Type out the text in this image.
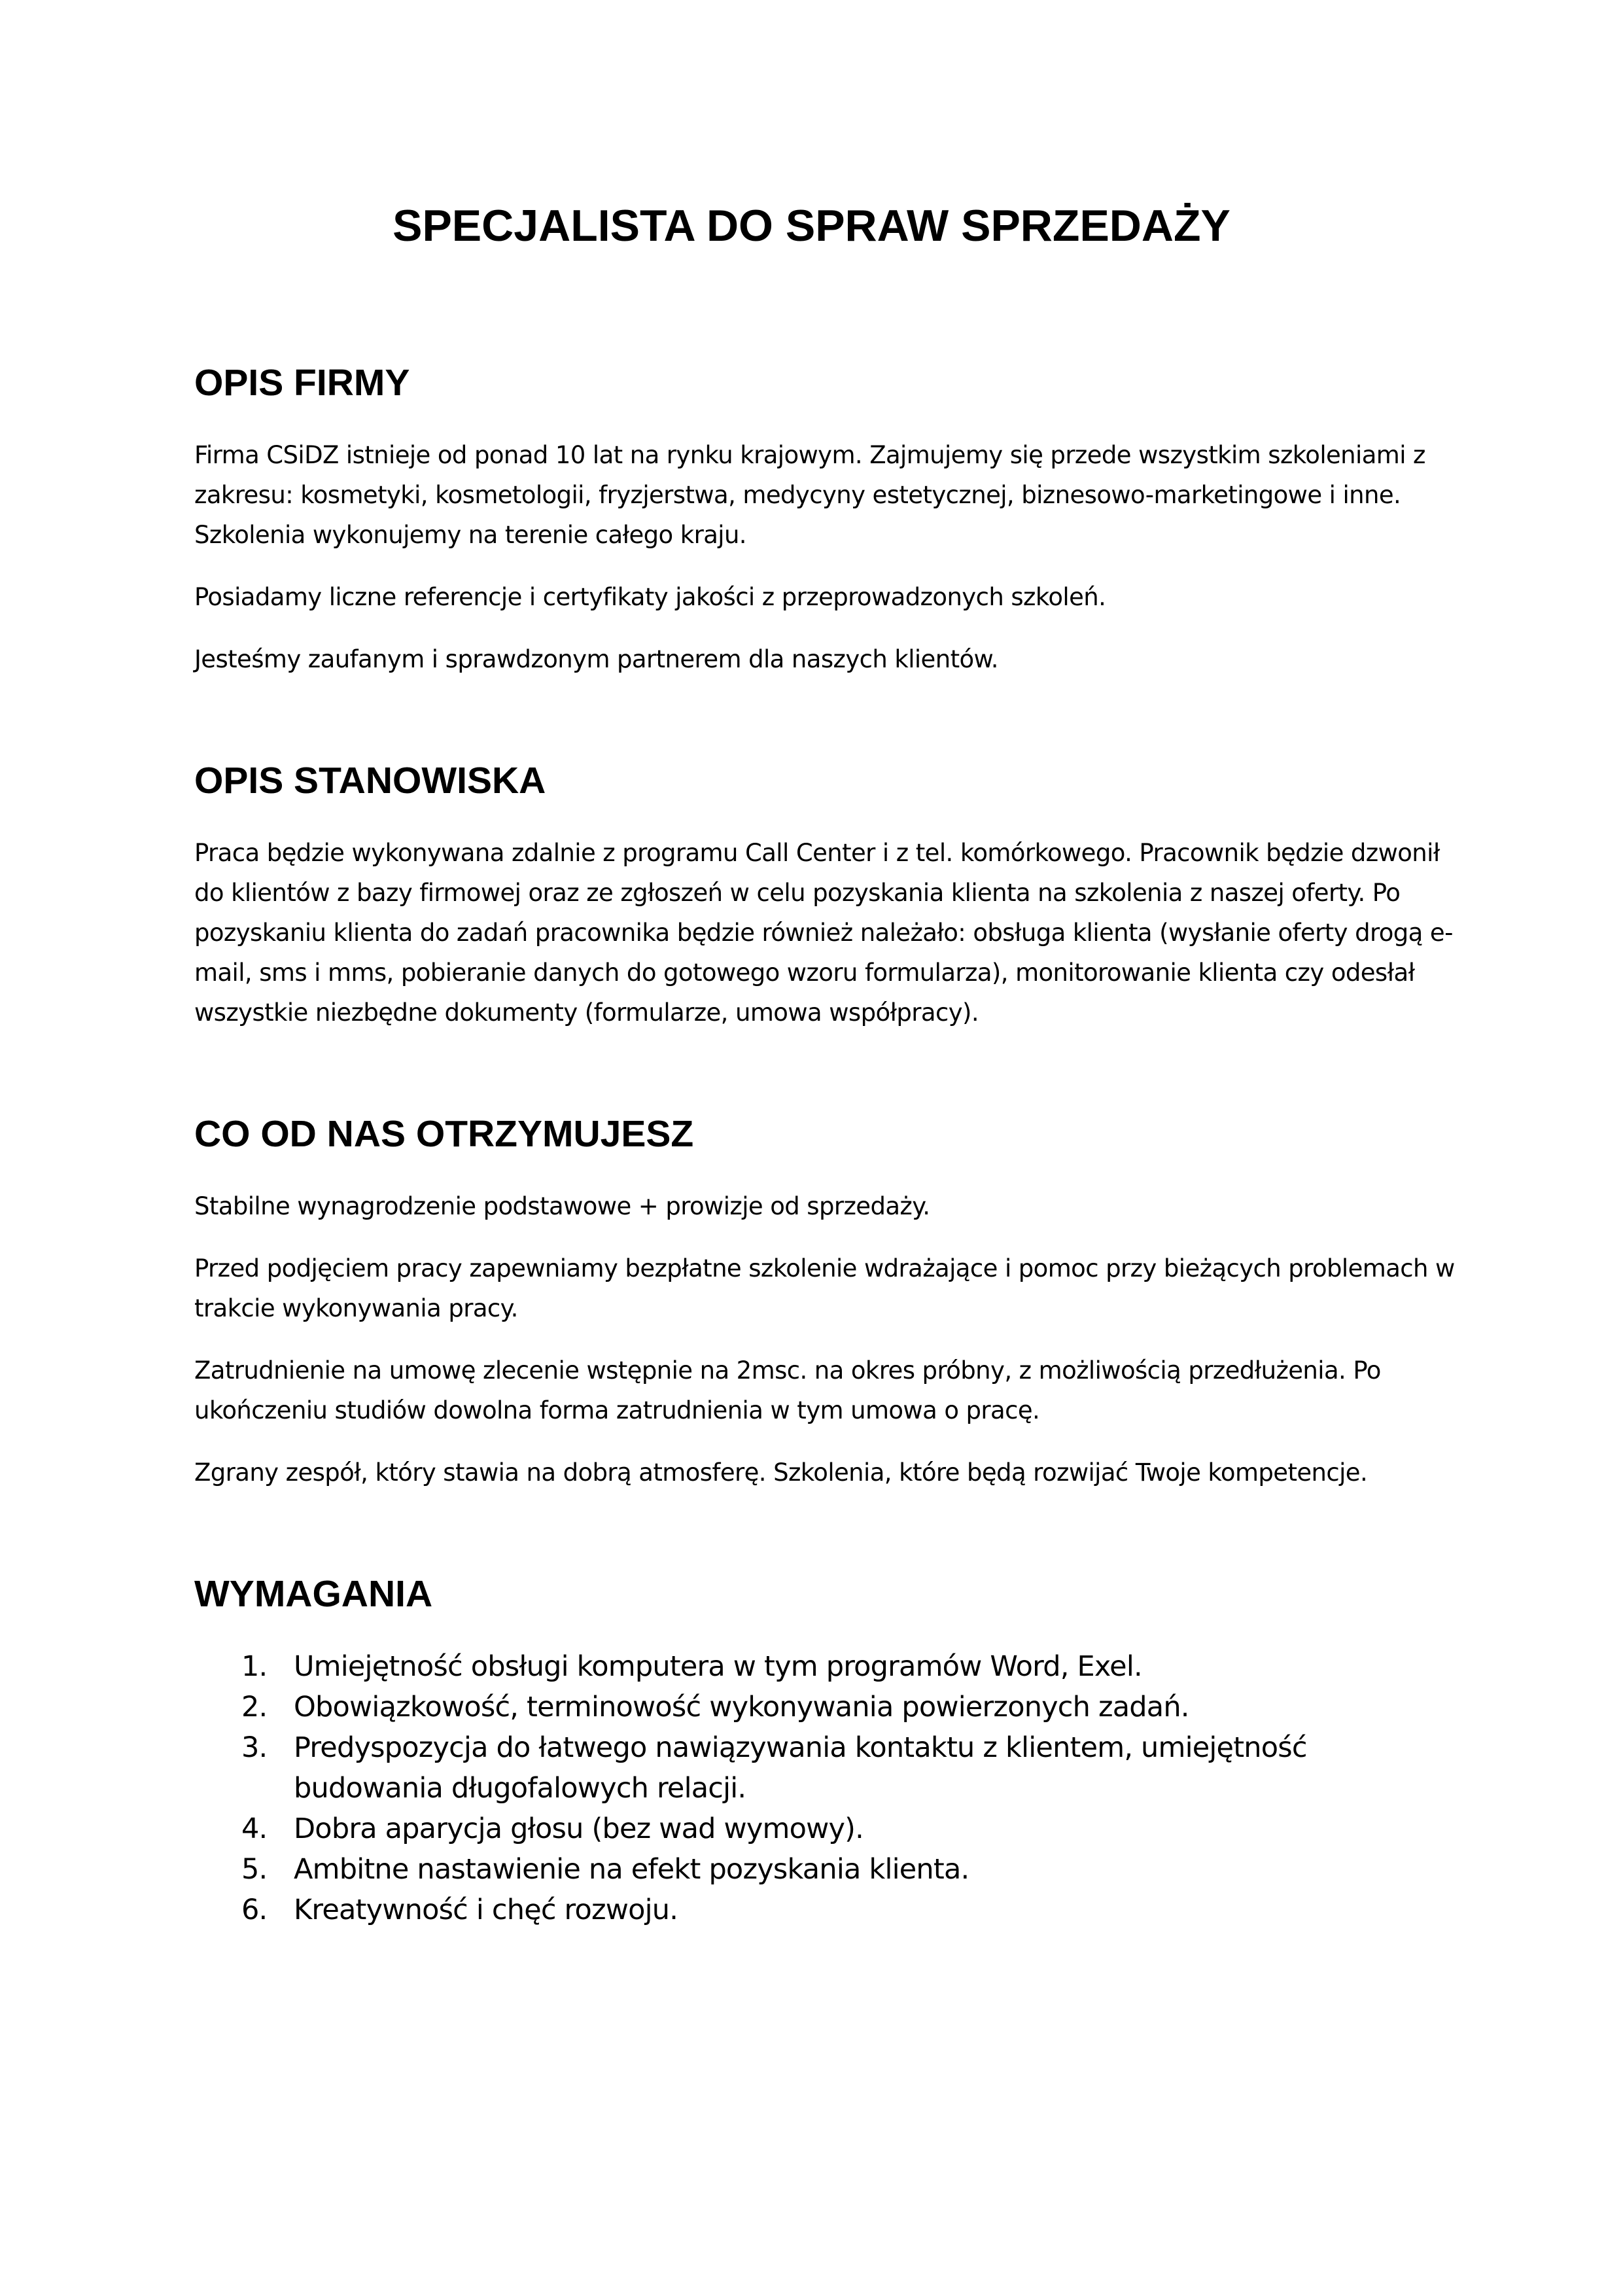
SPECJALISTA DO SPRAW SPRZEDAŻY
OPIS FIRMY

Firma CSiDZ istnieje od ponad 10 lat na rynku krajowym. Zajmujemy się przede wszystkim szkoleniami z zakresu: kosmetyki, kosmetologii, fryzjerstwa, medycyny estetycznej, biznesowo-marketingowe i inne. Szkolenia wykonujemy na terenie całego kraju.

Posiadamy liczne referencje i certyfikaty jakości z przeprowadzonych szkoleń.

Jesteśmy zaufanym i sprawdzonym partnerem dla naszych klientów.

OPIS STANOWISKA

Praca będzie wykonywana zdalnie z programu Call Center i z tel. komórkowego. Pracownik będzie dzwonił do klientów z bazy firmowej oraz ze zgłoszeń w celu pozyskania klienta na szkolenia z naszej oferty. Po pozyskaniu klienta do zadań pracownika będzie również należało: obsługa klienta (wysłanie oferty drogą e-mail, sms i mms, pobieranie danych do gotowego wzoru formularza), monitorowanie klienta czy odesłał wszystkie niezbędne dokumenty (formularze, umowa współpracy).

CO OD NAS OTRZYMUJESZ

Stabilne wynagrodzenie podstawowe + prowizje od sprzedaży.

Przed podjęciem pracy zapewniamy bezpłatne szkolenie wdrażające i pomoc przy bieżących problemach w trakcie wykonywania pracy.

Zatrudnienie na umowę zlecenie wstępnie na 2msc. na okres próbny, z możliwością przedłużenia. Po ukończeniu studiów dowolna forma zatrudnienia w tym umowa o pracę.

Zgrany zespół, który stawia na dobrą atmosferę. Szkolenia, które będą rozwijać Twoje kompetencje.

WYMAGANIA
1. Umiejętność obsługi komputera w tym programów Word, Exel.
2. Obowiązkowość, terminowość wykonywania powierzonych zadań.
3. Predyspozycja do łatwego nawiązywania kontaktu z klientem, umiejętność budowania długofalowych relacji.
4. Dobra aparycja głosu (bez wad wymowy).
5. Ambitne nastawienie na efekt pozyskania klienta.
6. Kreatywność i chęć rozwoju.
